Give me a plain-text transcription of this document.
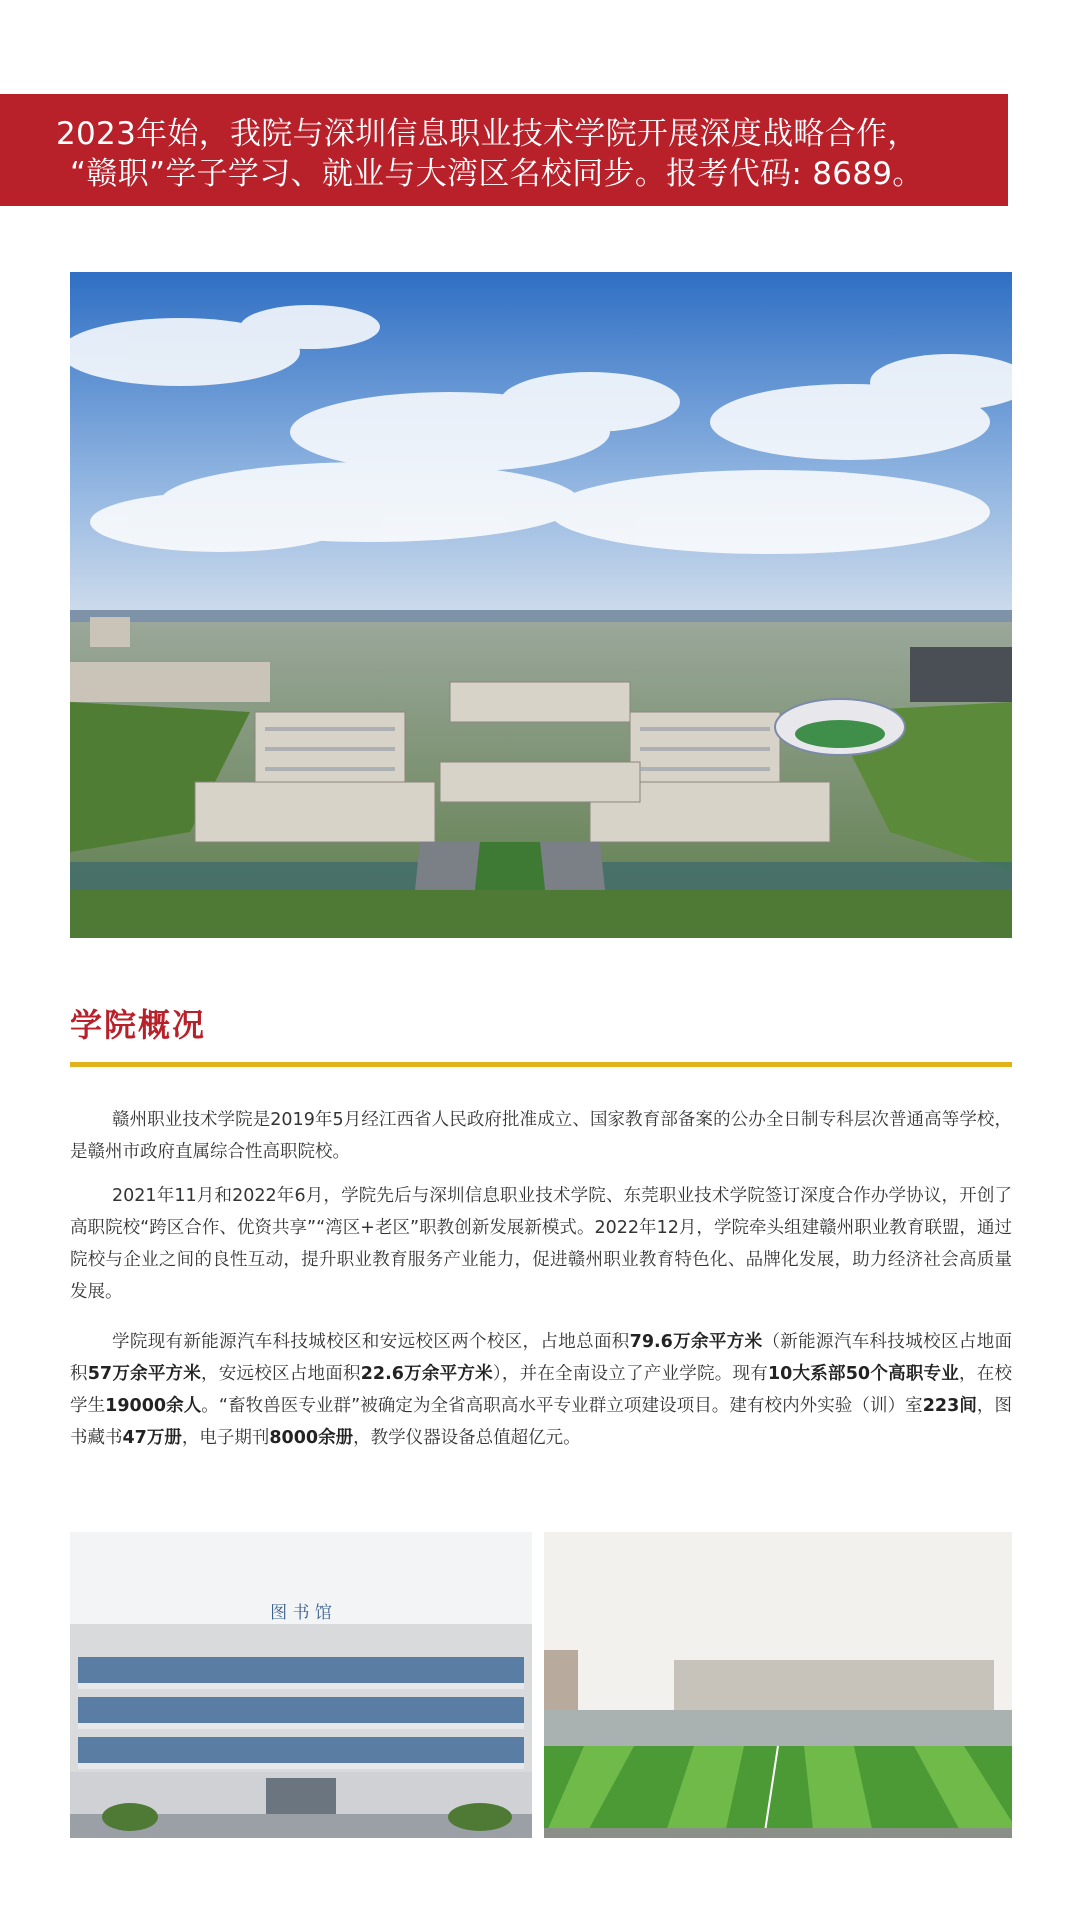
2023年始，我院与深圳信息职业技术学院开展深度战略合作，
“赣职”学子学习、就业与大湾区名校同步。报考代码: 8689。
学院概况

赣州职业技术学院是2019年5月经江西省人民政府批准成立、国家教育部备案的公办全日制专科层次普通高等学校，是赣州市政府直属综合性高职院校。

2021年11月和2022年6月，学院先后与深圳信息职业技术学院、东莞职业技术学院签订深度合作办学协议，开创了高职院校“跨区合作、优资共享”“湾区+老区”职教创新发展新模式。2022年12月，学院牵头组建赣州职业教育联盟，通过院校与企业之间的良性互动，提升职业教育服务产业能力，促进赣州职业教育特色化、品牌化发展，助力经济社会高质量发展。

学院现有新能源汽车科技城校区和安远校区两个校区，占地总面积79.6万余平方米（新能源汽车科技城校区占地面积57万余平方米，安远校区占地面积22.6万余平方米），并在全南设立了产业学院。现有10大系部50个高职专业，在校学生19000余人。“畜牧兽医专业群”被确定为全省高职高水平专业群立项建设项目。建有校内外实验（训）室223间，图书藏书47万册，电子期刊8000余册，教学仪器设备总值超亿元。

图 书 馆
